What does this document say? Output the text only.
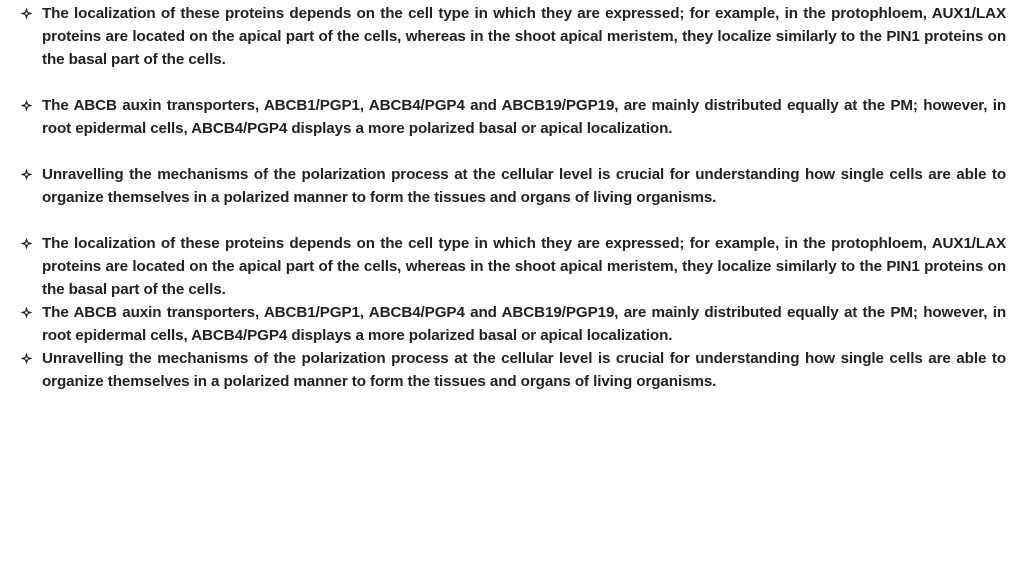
The localization of these proteins depends on the cell type in which they are expressed; for example, in the protophloem, AUX1/LAX proteins are located on the apical part of the cells, whereas in the shoot apical meristem, they localize similarly to the PIN1 proteins on the basal part of the cells.
The ABCB auxin transporters, ABCB1/PGP1, ABCB4/PGP4 and ABCB19/PGP19, are mainly distributed equally at the PM; however, in root epidermal cells, ABCB4/PGP4 displays a more polarized basal or apical localization.
Unravelling the mechanisms of the polarization process at the cellular level is crucial for understanding how single cells are able to organize themselves in a polarized manner to form the tissues and organs of living organisms.
The localization of these proteins depends on the cell type in which they are expressed; for example, in the protophloem, AUX1/LAX proteins are located on the apical part of the cells, whereas in the shoot apical meristem, they localize similarly to the PIN1 proteins on the basal part of the cells.
The ABCB auxin transporters, ABCB1/PGP1, ABCB4/PGP4 and ABCB19/PGP19, are mainly distributed equally at the PM; however, in root epidermal cells, ABCB4/PGP4 displays a more polarized basal or apical localization.
Unravelling the mechanisms of the polarization process at the cellular level is crucial for understanding how single cells are able to organize themselves in a polarized manner to form the tissues and organs of living organisms.
